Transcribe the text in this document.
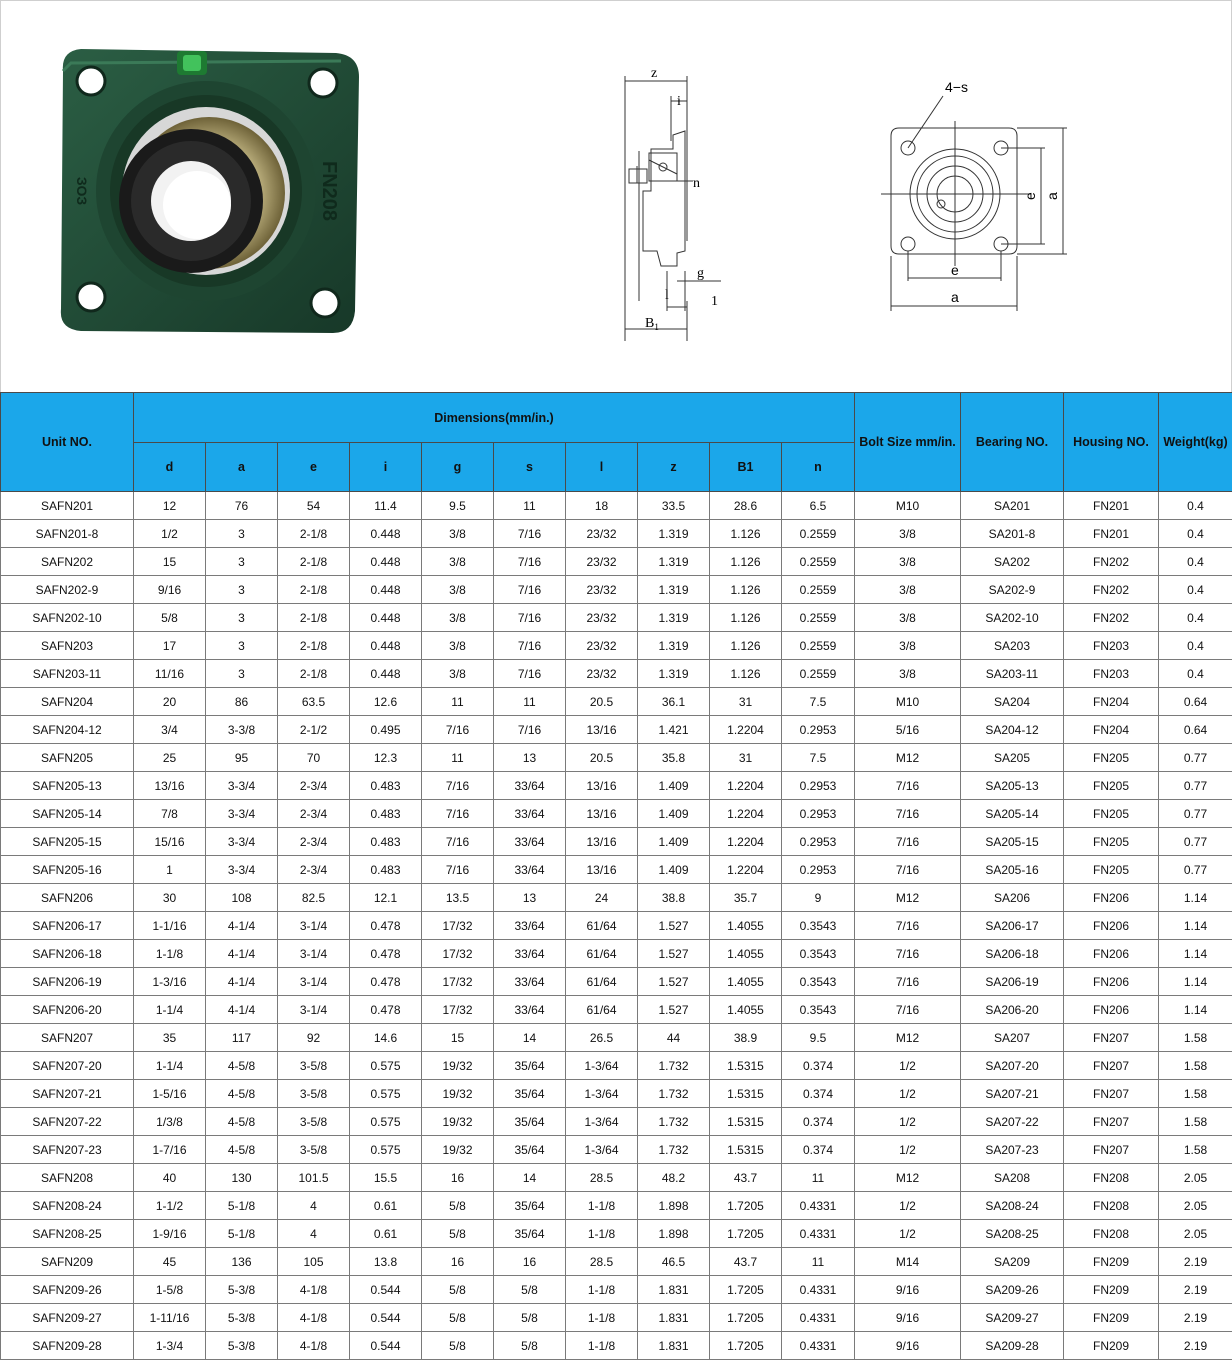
FN208
ЗОЗ
z
i
n
g
l	1
$B_1$
4−s
e a
e
a
Unit NO.	Dimensions(mm/in.)										Bolt Size mm/in.	Bearing NO.	Housing NO.	Weight(kg)
	d	a	e	i	g	s	l	z	B1	n				
SAFN201	12	76	54	11.4	9.5	11	18	33.5	28.6	6.5	M10	SA201	FN201	0.4
SAFN201-8	1/2	3	2-1/8	0.448	3/8	7/16	23/32	1.319	1.126	0.2559	3/8	SA201-8	FN201	0.4
SAFN202	15	3	2-1/8	0.448	3/8	7/16	23/32	1.319	1.126	0.2559	3/8	SA202	FN202	0.4
SAFN202-9	9/16	3	2-1/8	0.448	3/8	7/16	23/32	1.319	1.126	0.2559	3/8	SA202-9	FN202	0.4
SAFN202-10	5/8	3	2-1/8	0.448	3/8	7/16	23/32	1.319	1.126	0.2559	3/8	SA202-10	FN202	0.4
SAFN203	17	3	2-1/8	0.448	3/8	7/16	23/32	1.319	1.126	0.2559	3/8	SA203	FN203	0.4
SAFN203-11	11/16	3	2-1/8	0.448	3/8	7/16	23/32	1.319	1.126	0.2559	3/8	SA203-11	FN203	0.4
SAFN204	20	86	63.5	12.6	11	11	20.5	36.1	31	7.5	M10	SA204	FN204	0.64
SAFN204-12	3/4	3-3/8	2-1/2	0.495	7/16	7/16	13/16	1.421	1.2204	0.2953	5/16	SA204-12	FN204	0.64
SAFN205	25	95	70	12.3	11	13	20.5	35.8	31	7.5	M12	SA205	FN205	0.77
SAFN205-13	13/16	3-3/4	2-3/4	0.483	7/16	33/64	13/16	1.409	1.2204	0.2953	7/16	SA205-13	FN205	0.77
SAFN205-14	7/8	3-3/4	2-3/4	0.483	7/16	33/64	13/16	1.409	1.2204	0.2953	7/16	SA205-14	FN205	0.77
SAFN205-15	15/16	3-3/4	2-3/4	0.483	7/16	33/64	13/16	1.409	1.2204	0.2953	7/16	SA205-15	FN205	0.77
SAFN205-16	1	3-3/4	2-3/4	0.483	7/16	33/64	13/16	1.409	1.2204	0.2953	7/16	SA205-16	FN205	0.77
SAFN206	30	108	82.5	12.1	13.5	13	24	38.8	35.7	9	M12	SA206	FN206	1.14
SAFN206-17	1-1/16	4-1/4	3-1/4	0.478	17/32	33/64	61/64	1.527	1.4055	0.3543	7/16	SA206-17	FN206	1.14
SAFN206-18	1-1/8	4-1/4	3-1/4	0.478	17/32	33/64	61/64	1.527	1.4055	0.3543	7/16	SA206-18	FN206	1.14
SAFN206-19	1-3/16	4-1/4	3-1/4	0.478	17/32	33/64	61/64	1.527	1.4055	0.3543	7/16	SA206-19	FN206	1.14
SAFN206-20	1-1/4	4-1/4	3-1/4	0.478	17/32	33/64	61/64	1.527	1.4055	0.3543	7/16	SA206-20	FN206	1.14
SAFN207	35	117	92	14.6	15	14	26.5	44	38.9	9.5	M12	SA207	FN207	1.58
SAFN207-20	1-1/4	4-5/8	3-5/8	0.575	19/32	35/64	1-3/64	1.732	1.5315	0.374	1/2	SA207-20	FN207	1.58
SAFN207-21	1-5/16	4-5/8	3-5/8	0.575	19/32	35/64	1-3/64	1.732	1.5315	0.374	1/2	SA207-21	FN207	1.58
SAFN207-22	1/3/8	4-5/8	3-5/8	0.575	19/32	35/64	1-3/64	1.732	1.5315	0.374	1/2	SA207-22	FN207	1.58
SAFN207-23	1-7/16	4-5/8	3-5/8	0.575	19/32	35/64	1-3/64	1.732	1.5315	0.374	1/2	SA207-23	FN207	1.58
SAFN208	40	130	101.5	15.5	16	14	28.5	48.2	43.7	11	M12	SA208	FN208	2.05
SAFN208-24	1-1/2	5-1/8	4	0.61	5/8	35/64	1-1/8	1.898	1.7205	0.4331	1/2	SA208-24	FN208	2.05
SAFN208-25	1-9/16	5-1/8	4	0.61	5/8	35/64	1-1/8	1.898	1.7205	0.4331	1/2	SA208-25	FN208	2.05
SAFN209	45	136	105	13.8	16	16	28.5	46.5	43.7	11	M14	SA209	FN209	2.19
SAFN209-26	1-5/8	5-3/8	4-1/8	0.544	5/8	5/8	1-1/8	1.831	1.7205	0.4331	9/16	SA209-26	FN209	2.19
SAFN209-27	1-11/16	5-3/8	4-1/8	0.544	5/8	5/8	1-1/8	1.831	1.7205	0.4331	9/16	SA209-27	FN209	2.19
SAFN209-28	1-3/4	5-3/8	4-1/8	0.544	5/8	5/8	1-1/8	1.831	1.7205	0.4331	9/16	SA209-28	FN209	2.19
